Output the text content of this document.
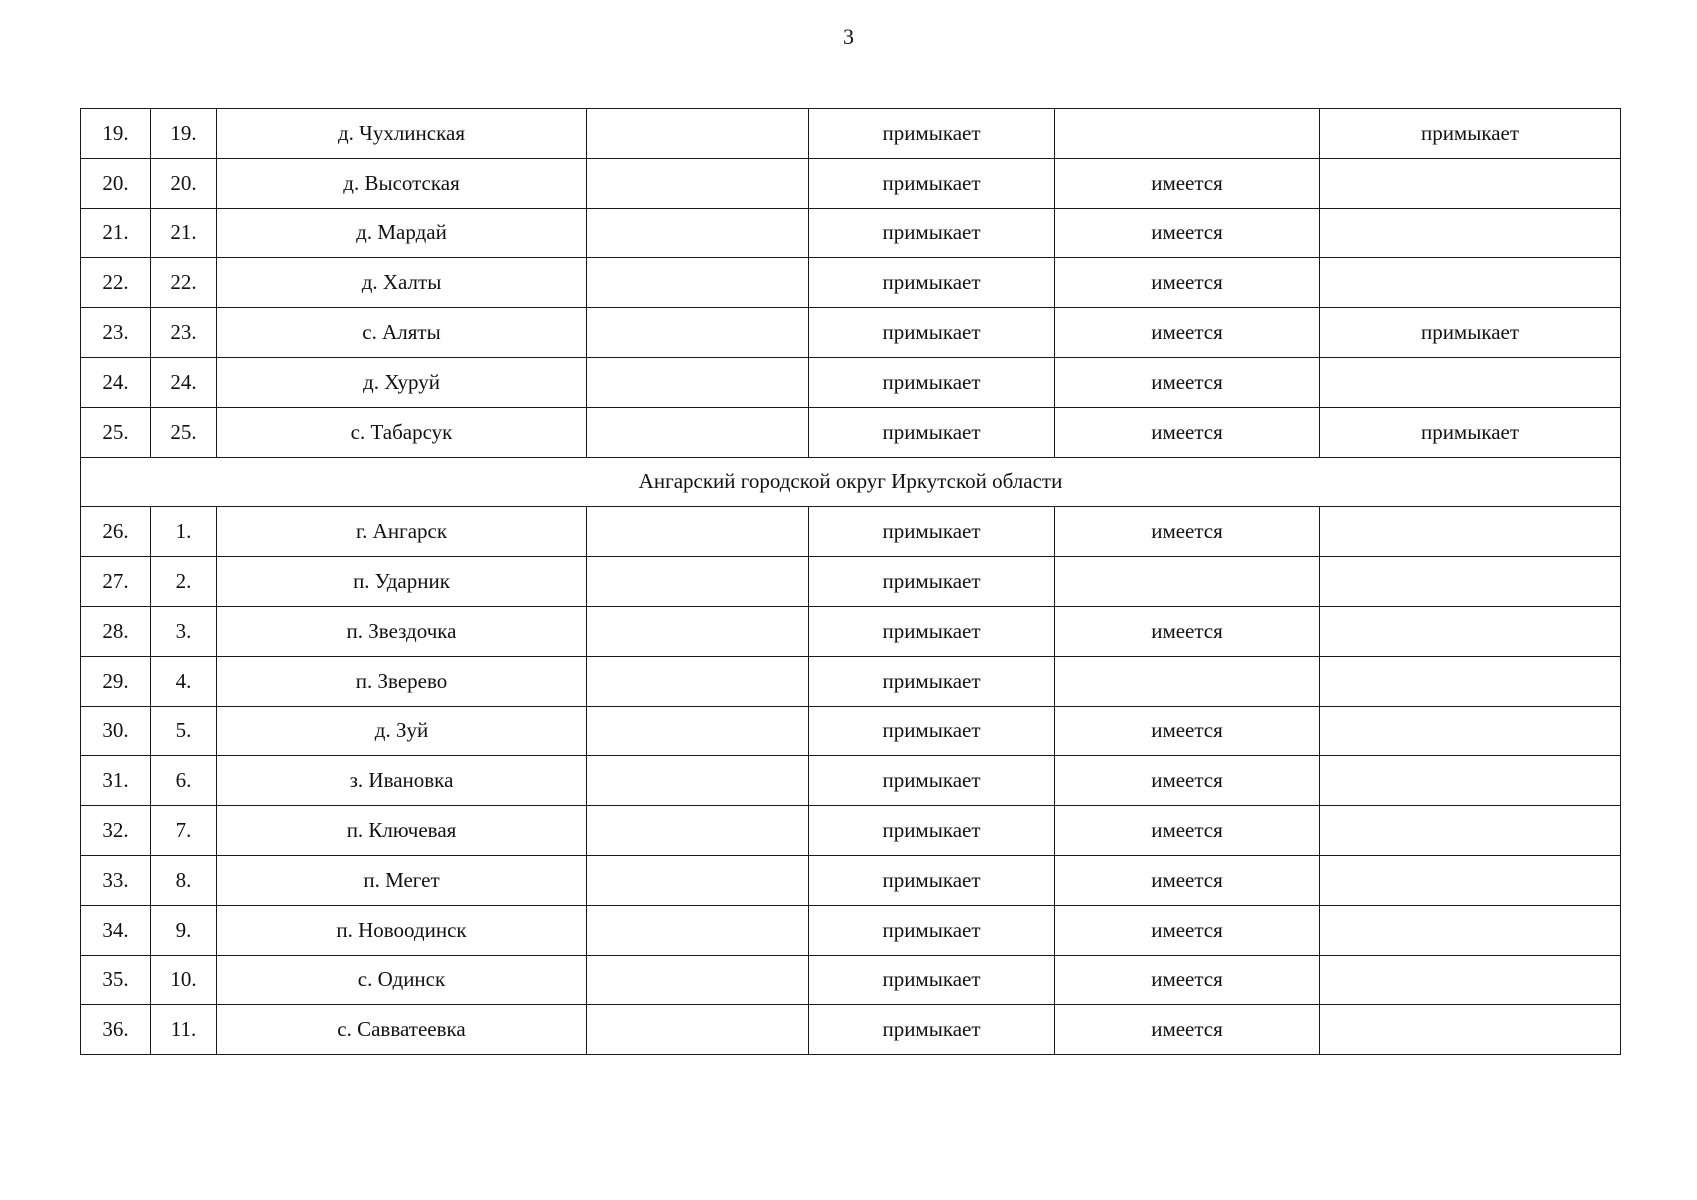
3
19.	19.	д. Чухлинская		примыкает		примыкает
20.	20.	д. Высотская		примыкает	имеется	
21.	21.	д. Мардай		примыкает	имеется	
22.	22.	д. Халты		примыкает	имеется	
23.	23.	с. Аляты		примыкает	имеется	примыкает
24.	24.	д. Хуруй		примыкает	имеется	
25.	25.	с. Табарсук		примыкает	имеется	примыкает
Ангарский городской округ Иркутской области						
26.	1.	г. Ангарск		примыкает	имеется	
27.	2.	п. Ударник		примыкает		
28.	3.	п. Звездочка		примыкает	имеется	
29.	4.	п. Зверево		примыкает		
30.	5.	д. Зуй		примыкает	имеется	
31.	6.	з. Ивановка		примыкает	имеется	
32.	7.	п. Ключевая		примыкает	имеется	
33.	8.	п. Мегет		примыкает	имеется	
34.	9.	п. Новоодинск		примыкает	имеется	
35.	10.	с. Одинск		примыкает	имеется	
36.	11.	с. Савватеевка		примыкает	имеется	
